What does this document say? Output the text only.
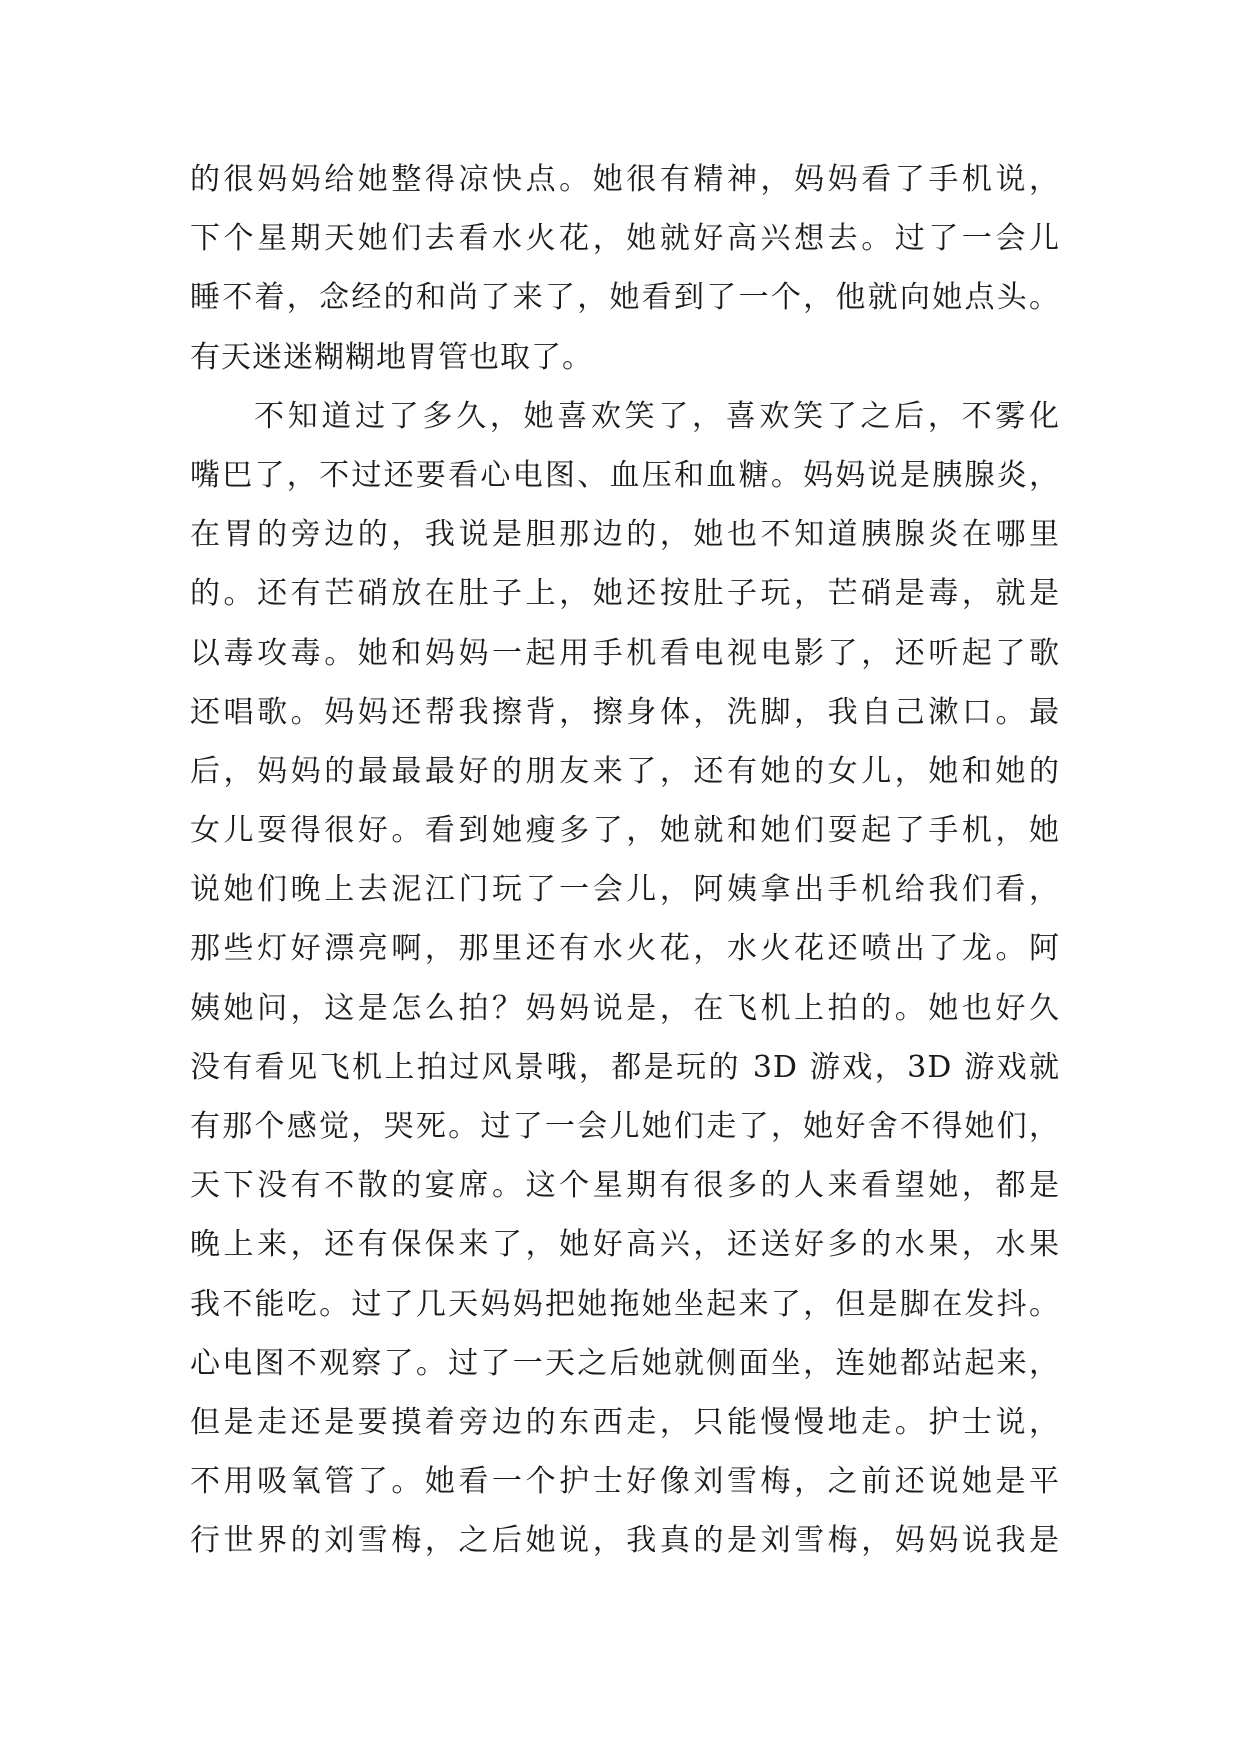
的很妈妈给她整得凉快点。她很有精神，妈妈看了手机说，
下个星期天她们去看水火花，她就好高兴想去。过了一会儿
睡不着，念经的和尚了来了，她看到了一个，他就向她点头。
有天迷迷糊糊地胃管也取了。
不知道过了多久，她喜欢笑了，喜欢笑了之后，不雾化
嘴巴了，不过还要看心电图、血压和血糖。妈妈说是胰腺炎，
在胃的旁边的，我说是胆那边的，她也不知道胰腺炎在哪里
的。还有芒硝放在肚子上，她还按肚子玩，芒硝是毒，就是
以毒攻毒。她和妈妈一起用手机看电视电影了，还听起了歌
还唱歌。妈妈还帮我擦背，擦身体，洗脚，我自己漱口。最
后，妈妈的最最最好的朋友来了，还有她的女儿，她和她的
女儿耍得很好。看到她瘦多了，她就和她们耍起了手机，她
说她们晚上去泥江门玩了一会儿，阿姨拿出手机给我们看，
那些灯好漂亮啊，那里还有水火花，水火花还喷出了龙。阿
姨她问，这是怎么拍？妈妈说是，在飞机上拍的。她也好久
没有看见飞机上拍过风景哦，都是玩的 3D 游戏，3D 游戏就
有那个感觉，哭死。过了一会儿她们走了，她好舍不得她们，
天下没有不散的宴席。这个星期有很多的人来看望她，都是
晚上来，还有保保来了，她好高兴，还送好多的水果，水果
我不能吃。过了几天妈妈把她拖她坐起来了，但是脚在发抖。
心电图不观察了。过了一天之后她就侧面坐，连她都站起来，
但是走还是要摸着旁边的东西走，只能慢慢地走。护士说，
不用吸氧管了。她看一个护士好像刘雪梅，之前还说她是平
行世界的刘雪梅，之后她说，我真的是刘雪梅，妈妈说我是
